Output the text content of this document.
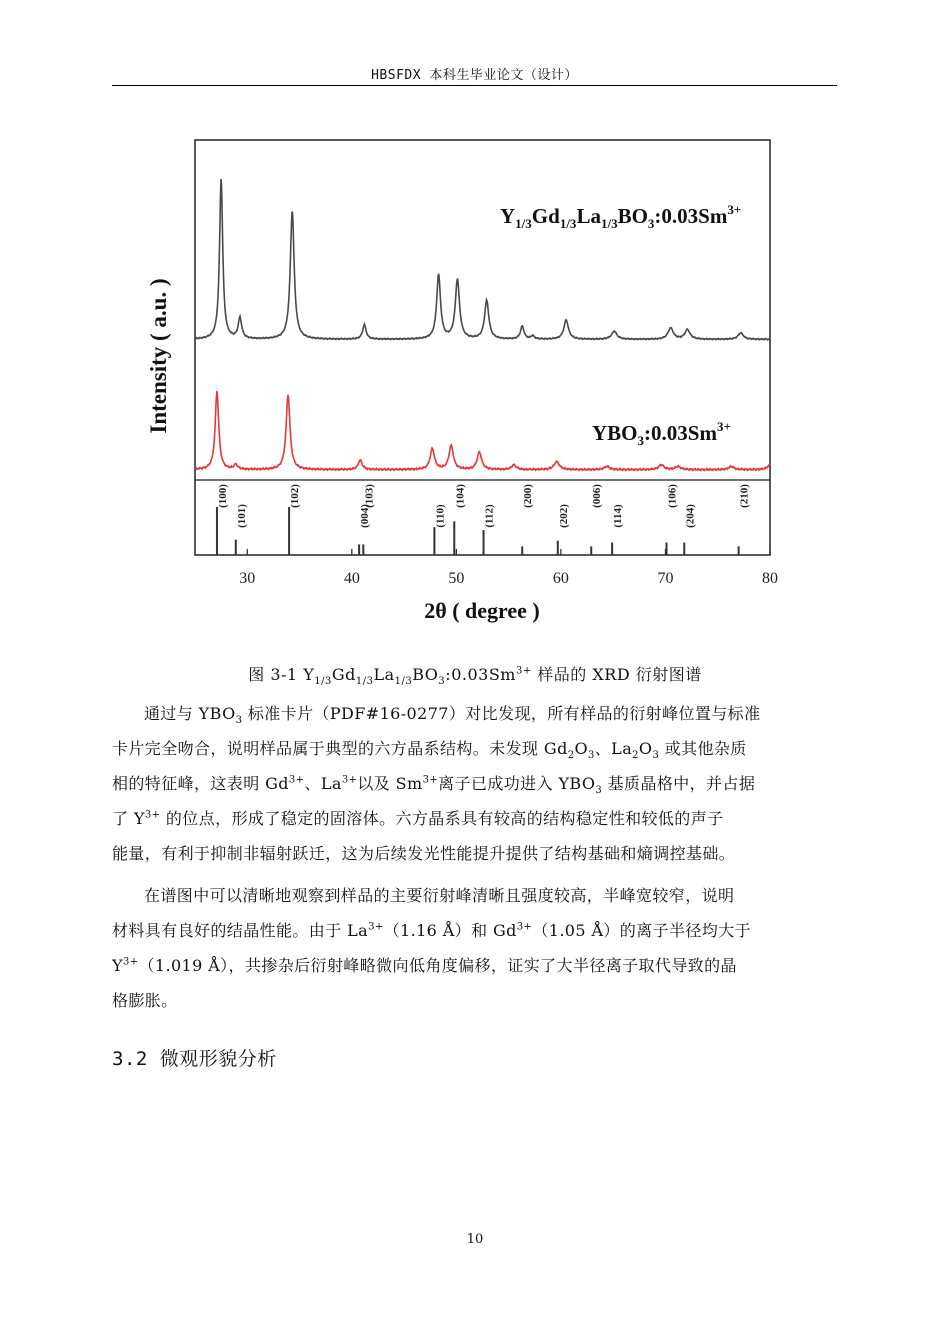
HBSFDX 本科生毕业论文（设计）
30	40	50	60	70	80
(100)
(101)
(102)
(004)
(103)
(110)
(104)
(112)
(200)
(202)
(006)
(114)
(106)
(204)
(210)
$Y_{1/3}Gd_{1/3}La_{1/3}BO_3:0.03Sm^{3+}$
$YBO_3:0.03Sm^{3+}$
Intensity ( a.u. )
2θ ( degree )
图 3-1 $Y_{1/3}Gd_{1/3}La_{1/3}BO_3:0.03Sm^{3+}$ 样品的 XRD 衍射图谱
通过与 $YBO_3$ 标准卡片（PDF#16-0277）对比发现，所有样品的衍射峰位置与标准
卡片完全吻合，说明样品属于典型的六方晶系结构。未发现 $Gd_2O_3$、$La_2O_3$ 或其他杂质
相的特征峰，这表明 $Gd^{3+}$、$La^{3+}$以及 $Sm^{3+}$离子已成功进入 $YBO_3$ 基质晶格中，并占据
了 $Y^{3+}$ 的位点，形成了稳定的固溶体。六方晶系具有较高的结构稳定性和较低的声子
能量，有利于抑制非辐射跃迁，这为后续发光性能提升提供了结构基础和熵调控基础。
在谱图中可以清晰地观察到样品的主要衍射峰清晰且强度较高，半峰宽较窄，说明
材料具有良好的结晶性能。由于 $La^{3+}(1.16$ Å）和 $Gd^{3+}(1.05$ Å）的离子半径均大于
$Y^{3+}(1.019$ Å），共掺杂后衍射峰略微向低角度偏移，证实了大半径离子取代导致的晶
格膨胀。
3.2 微观形貌分析
10
